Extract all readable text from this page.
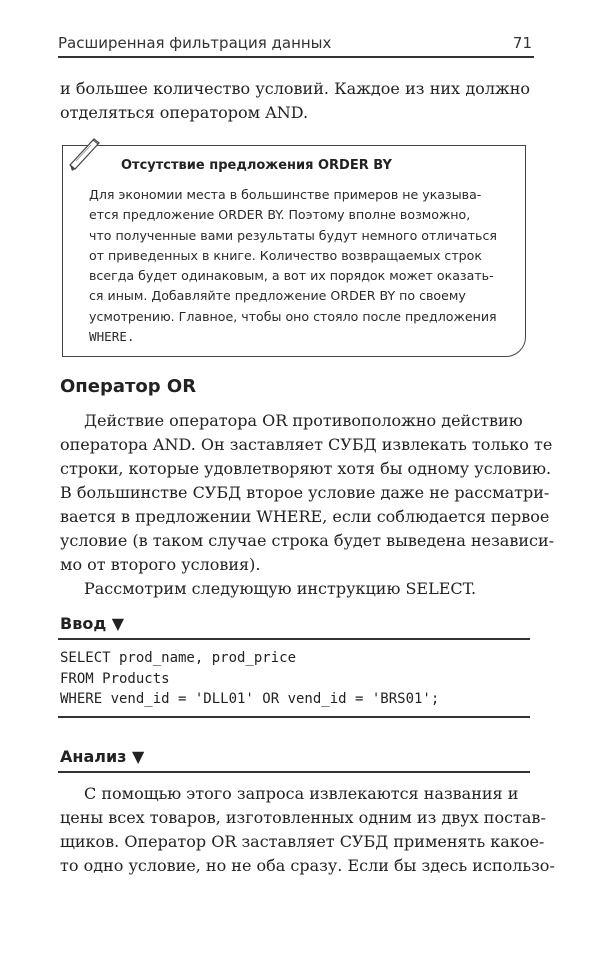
Расширенная фильтрация данных	71
и большее количество условий. Каждое из них должно
отделяться оператором AND.
Отсутствие предложения ORDER BY
Для экономии места в большинстве примеров не указыва-
ется предложение ORDER BY. Поэтому вполне возможно,
что полученные вами результаты будут немного отличаться
от приведенных в книге. Количество возвращаемых строк
всегда будет одинаковым, а вот их порядок может оказать-
ся иным. Добавляйте предложение ORDER BY по своему
усмотрению. Главное, чтобы оно стояло после предложения
WHERE.
Оператор OR
Действие оператора OR противоположно действию
оператора AND. Он заставляет СУБД извлекать только те
строки, которые удовлетворяют хотя бы одному условию.
В большинстве СУБД второе условие даже не рассматри-
вается в предложении WHERE, если соблюдается первое
условие (в таком случае строка будет выведена независи-
мо от второго условия).
Рассмотрим следующую инструкцию SELECT.
Ввод ▼
SELECT prod_name, prod_price
FROM Products
WHERE vend_id = 'DLL01' OR vend_id = 'BRS01';
Анализ ▼
С помощью этого запроса извлекаются названия и
цены всех товаров, изготовленных одним из двух постав-
щиков. Оператор OR заставляет СУБД применять какое-
то одно условие, но не оба сразу. Если бы здесь использо-
